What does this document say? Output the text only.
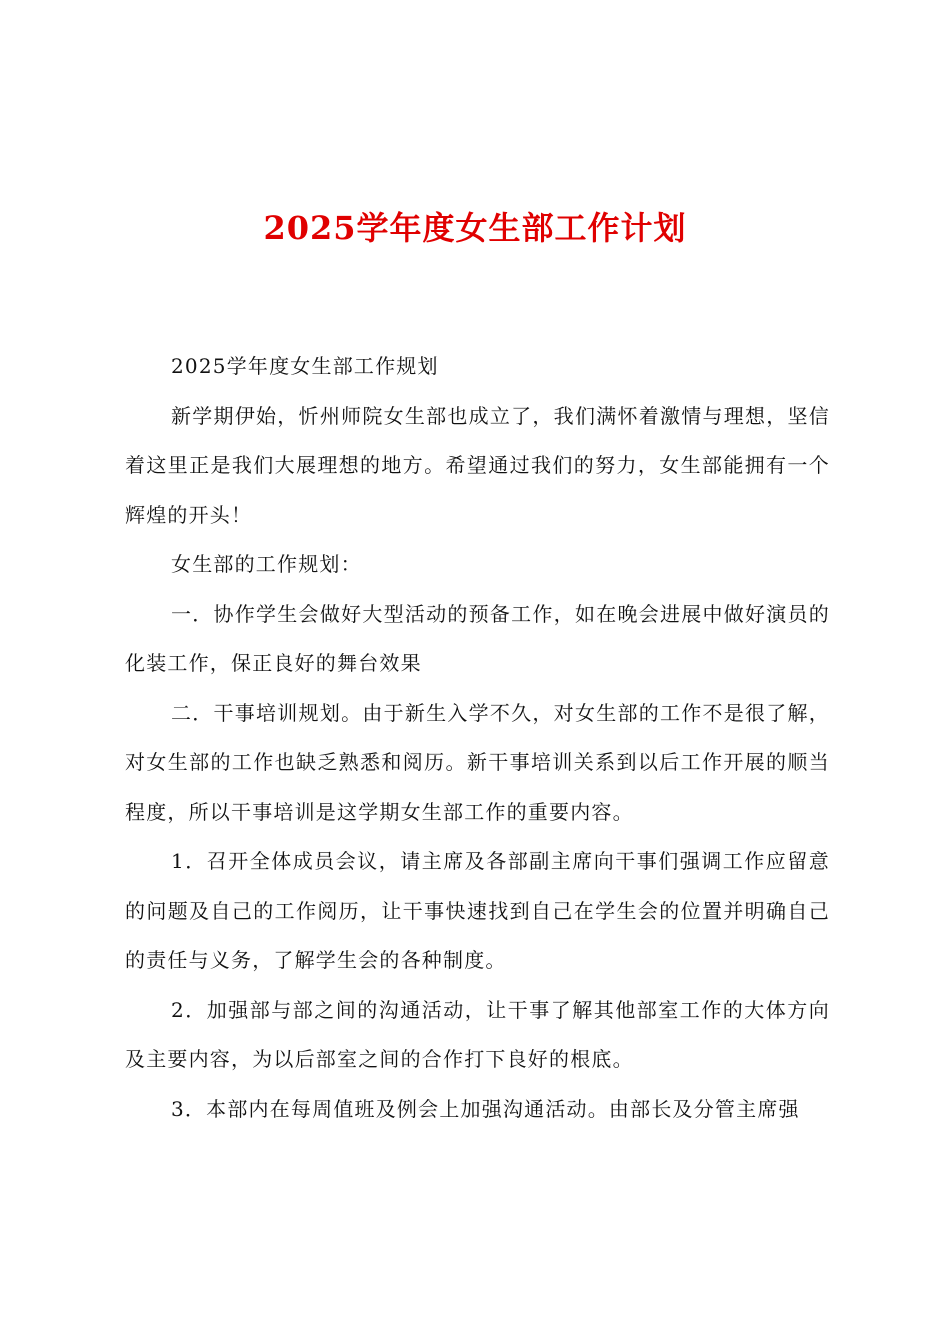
2025学年度女生部工作计划

2025学年度女生部工作规划

新学期伊始，忻州师院女生部也成立了，我们满怀着激情与理想，坚信着这里正是我们大展理想的地方。希望通过我们的努力，女生部能拥有一个辉煌的开头！

女生部的工作规划：

一．协作学生会做好大型活动的预备工作，如在晚会进展中做好演员的化装工作，保正良好的舞台效果

二．干事培训规划。由于新生入学不久，对女生部的工作不是很了解，对女生部的工作也缺乏熟悉和阅历。新干事培训关系到以后工作开展的顺当程度，所以干事培训是这学期女生部工作的重要内容。

1．召开全体成员会议，请主席及各部副主席向干事们强调工作应留意的问题及自己的工作阅历，让干事快速找到自己在学生会的位置并明确自己的责任与义务，了解学生会的各种制度。

2．加强部与部之间的沟通活动，让干事了解其他部室工作的大体方向及主要内容，为以后部室之间的合作打下良好的根底。

3．本部内在每周值班及例会上加强沟通活动。由部长及分管主席强
